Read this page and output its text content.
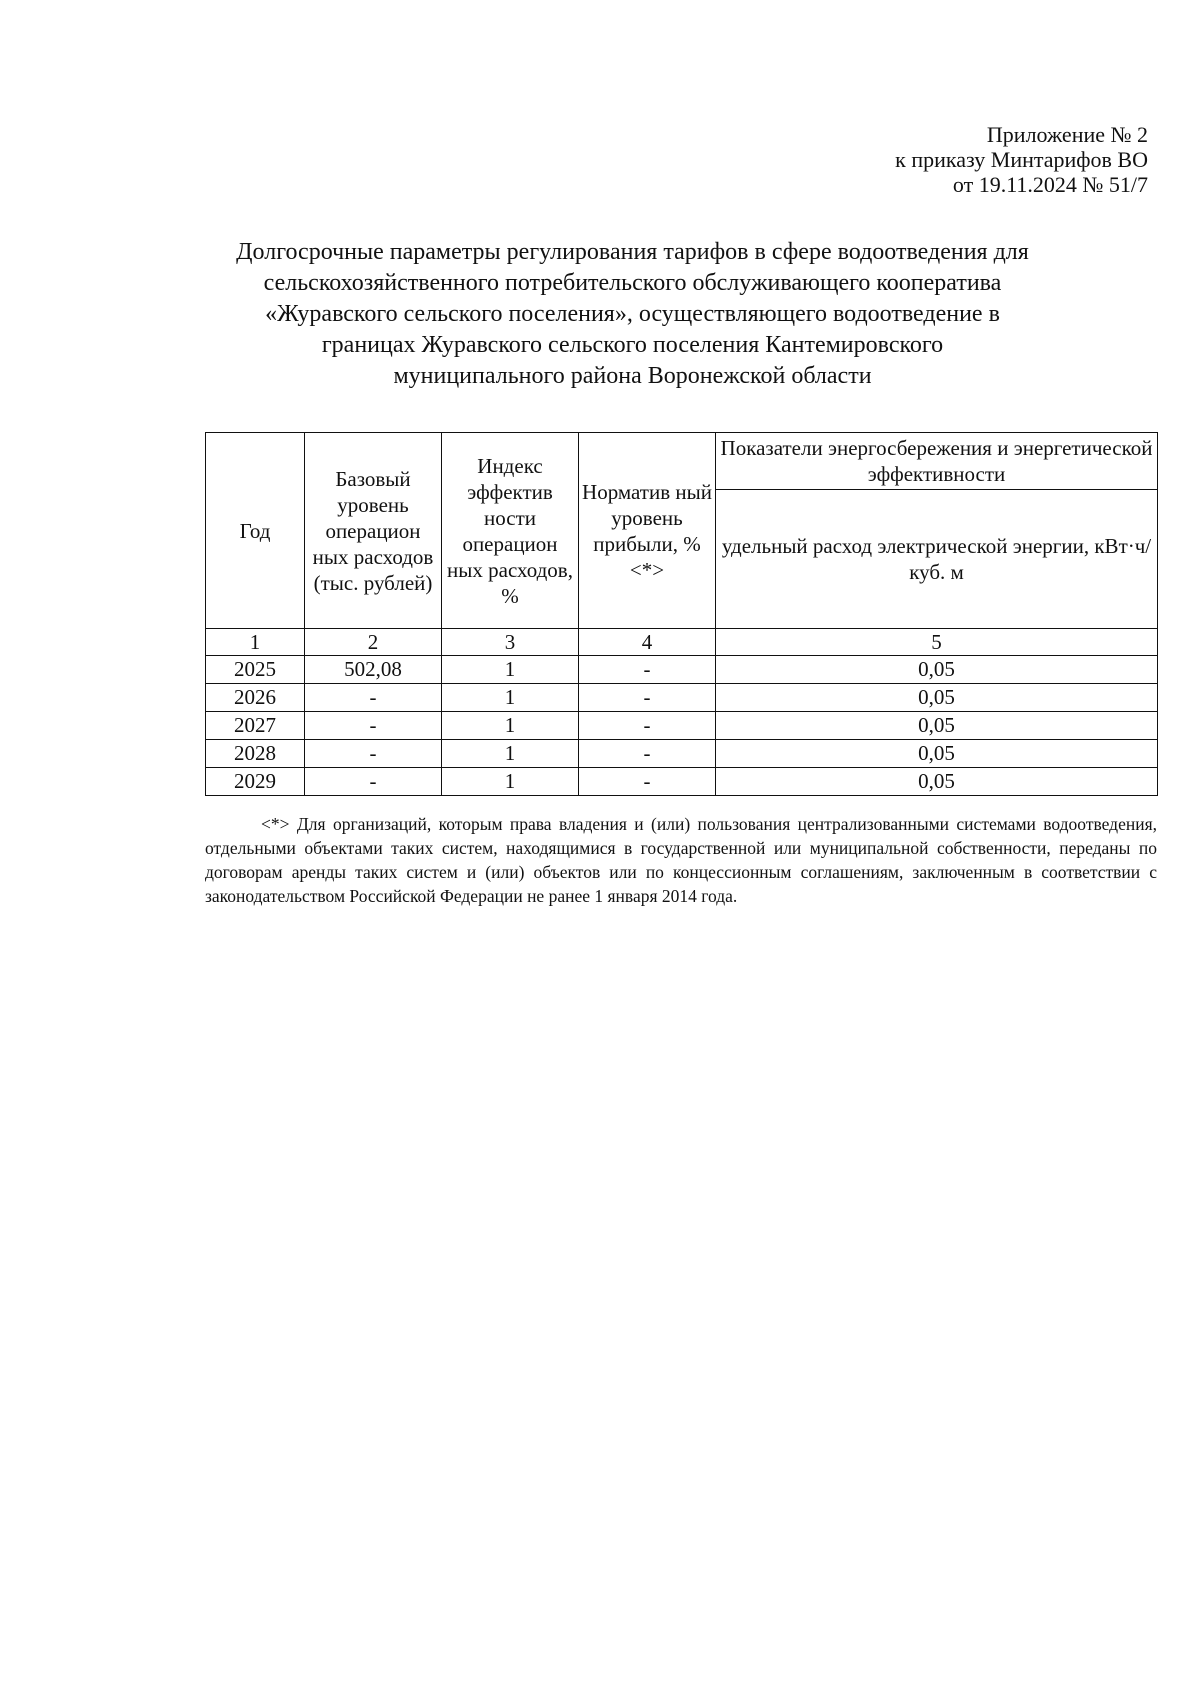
Приложение № 2
к приказу Минтарифов ВО
от 19.11.2024 № 51/7
Долгосрочные параметры регулирования тарифов в сфере водоотведения для
сельскохозяйственного потребительского обслуживающего кооператива
«Журавского сельского поселения», осуществляющего водоотведение в
границах Журавского сельского поселения Кантемировского
муниципального района Воронежской области
Год	Базовый уровень операцион ных расходов (тыс. рублей)	Индекс эффектив ности операцион ных расходов, %	Норматив ный уровень прибыли, % <*>	Показатели энергосбережения и энергетической эффективности
				удельный расход электрической энергии, кВт·ч/куб. м
1	2	3	4	5
2025	502,08	1	-	0,05
2026	-	1	-	0,05
2027	-	1	-	0,05
2028	-	1	-	0,05
2029	-	1	-	0,05
<*> Для организаций, которым права владения и (или) пользования централизованными системами водоотведения, отдельными объектами таких систем, находящимися в государственной или муниципальной собственности, переданы по договорам аренды таких систем и (или) объектов или по концессионным соглашениям, заключенным в соответствии с законодательством Российской Федерации не ранее 1 января 2014 года.
